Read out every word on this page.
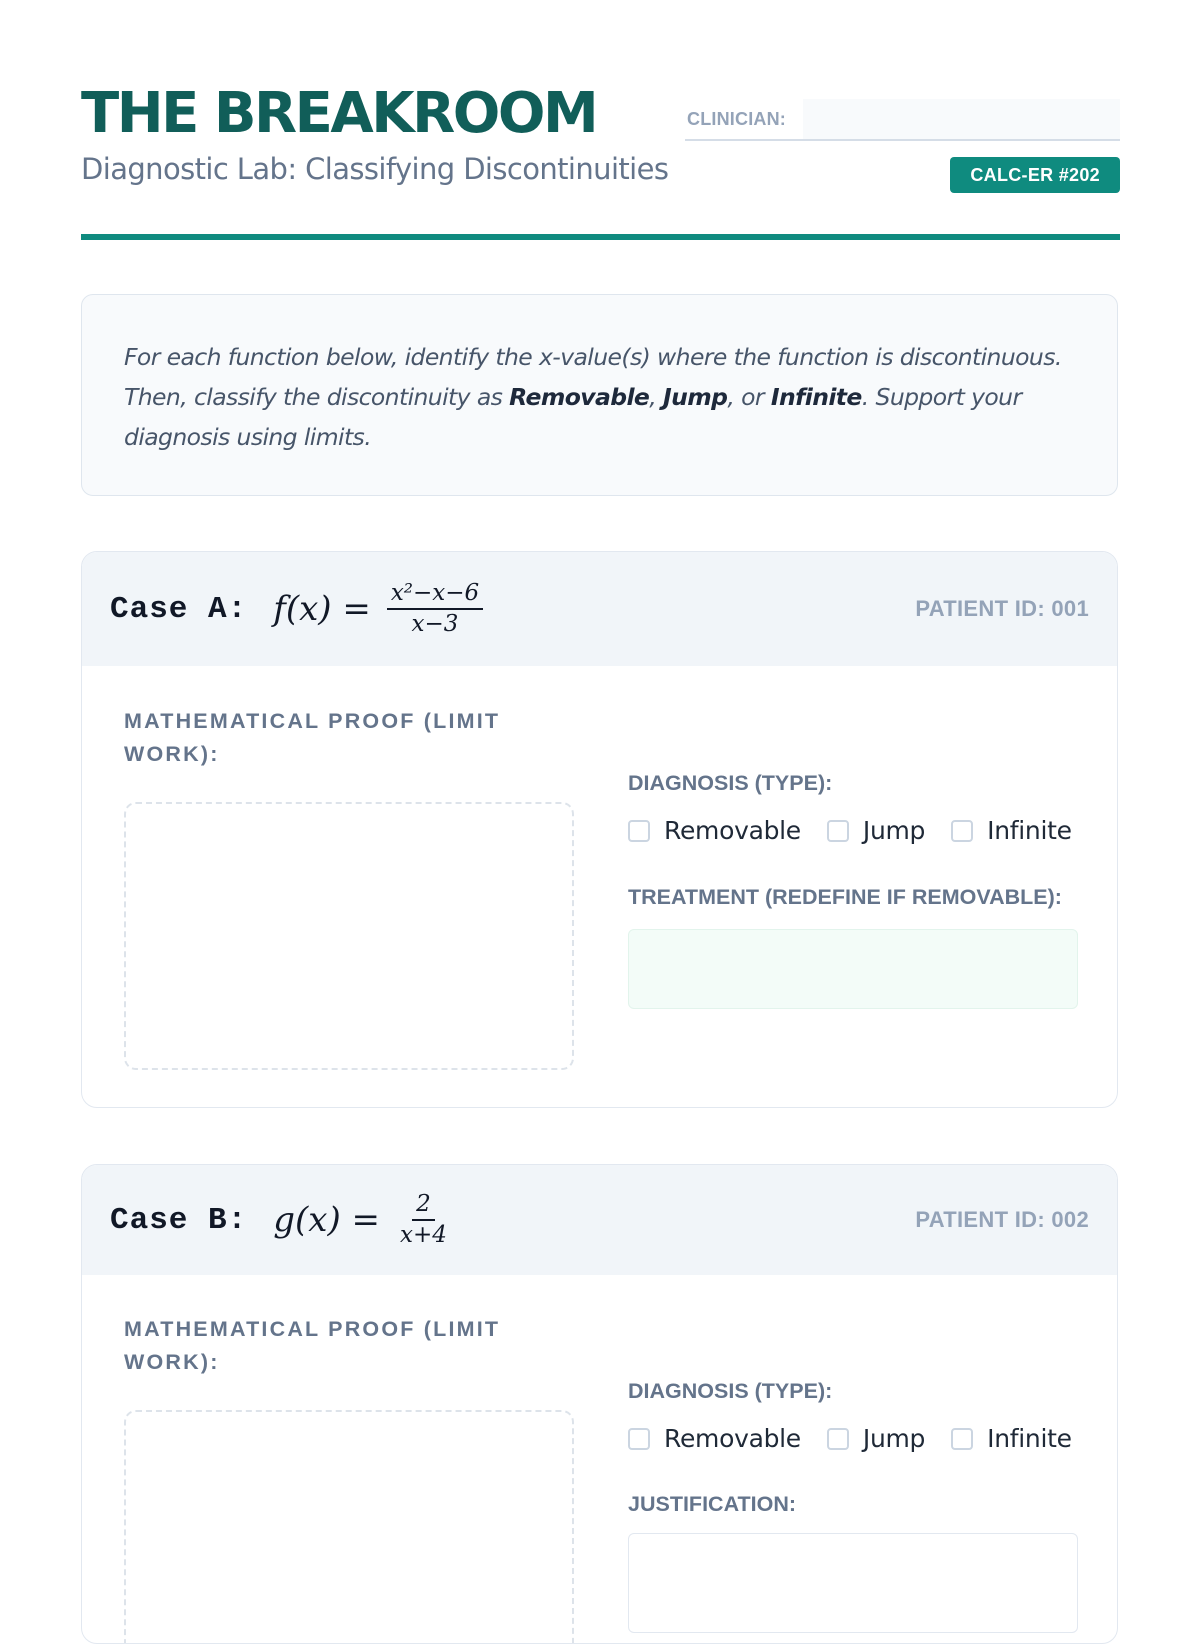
THE BREAKROOM
Diagnostic Lab: Classifying Discontinuities
CLINICIAN:
CALC-ER #202

For each function below, identify the x-value(s) where the function is discontinuous. Then, classify the discontinuity as Removable, Jump, or Infinite. Support your diagnosis using limits.

Case A: $f(x) = \frac{\text{x²−x−6}}{x-3}$	PATIENT ID: 001
MATHEMATICAL PROOF (LIMIT WORK):
DIAGNOSIS (TYPE):
Removable Jump Infinite
TREATMENT (REDEFINE IF REMOVABLE):
Case B: $g(x) = \frac{2}{x+4}$	PATIENT ID: 002
MATHEMATICAL PROOF (LIMIT WORK):
DIAGNOSIS (TYPE):
Removable Jump Infinite
JUSTIFICATION:
